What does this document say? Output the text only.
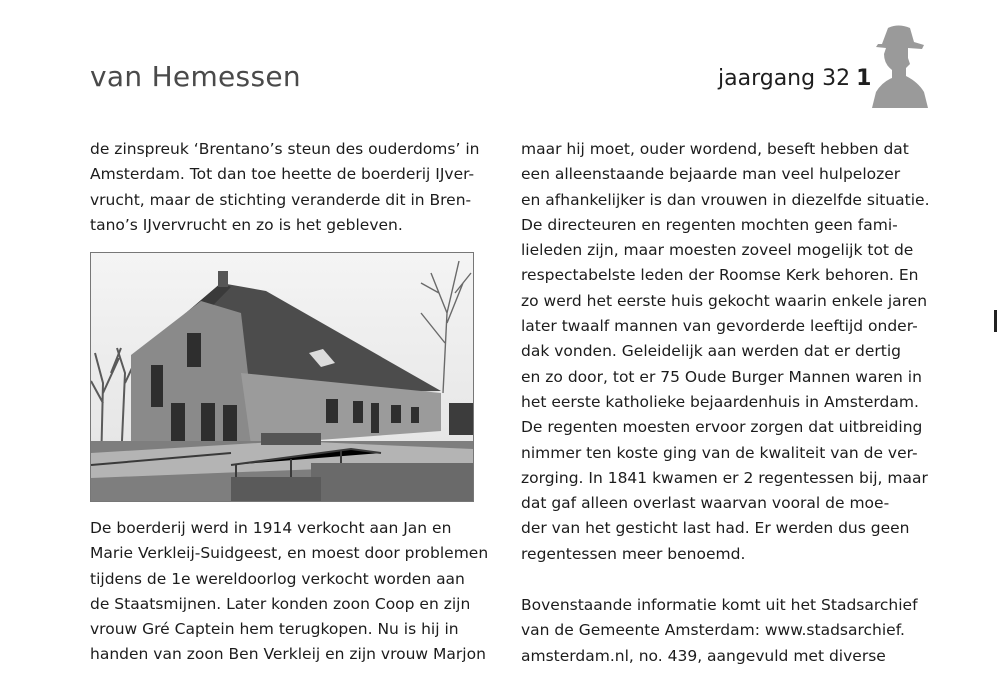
van Hemessen	jaargang 32 1

de zinspreuk ‘Brentano’s steun des ouderdoms’ in

Amsterdam. Tot dan toe heette de boerderij IJver-

vrucht, maar de stichting veranderde dit in Bren-

tano’s IJvervrucht en zo is het gebleven.

De boerderij werd in 1914 verkocht aan Jan en

Marie Verkleij-Suidgeest, en moest door problemen

tijdens de 1e wereldoorlog verkocht worden aan

de Staatsmijnen. Later konden zoon Coop en zijn

vrouw Gré Captein hem terugkopen. Nu is hij in

handen van zoon Ben Verkleij en zijn vrouw Marjon

maar hij moet, ouder wordend, beseft hebben dat

een alleenstaande bejaarde man veel hulpelozer

en afhankelijker is dan vrouwen in diezelfde situatie.

De directeuren en regenten mochten geen fami-

lieleden zijn, maar moesten zoveel mogelijk tot de

respectabelste leden der Roomse Kerk behoren. En

zo werd het eerste huis gekocht waarin enkele jaren

later twaalf mannen van gevorderde leeftijd onder-

dak vonden. Geleidelijk aan werden dat er dertig

en zo door, tot er 75 Oude Burger Mannen waren in

het eerste katholieke bejaardenhuis in Amsterdam.

De regenten moesten ervoor zorgen dat uitbreiding

nimmer ten koste ging van de kwaliteit van de ver-

zorging. In 1841 kwamen er 2 regentessen bij, maar

dat gaf alleen overlast waarvan vooral de moe-

der van het gesticht last had. Er werden dus geen

regentessen meer benoemd.

Bovenstaande informatie komt uit het Stadsarchief

van de Gemeente Amsterdam: www.stadsarchief.

amsterdam.nl, no. 439, aangevuld met diverse
